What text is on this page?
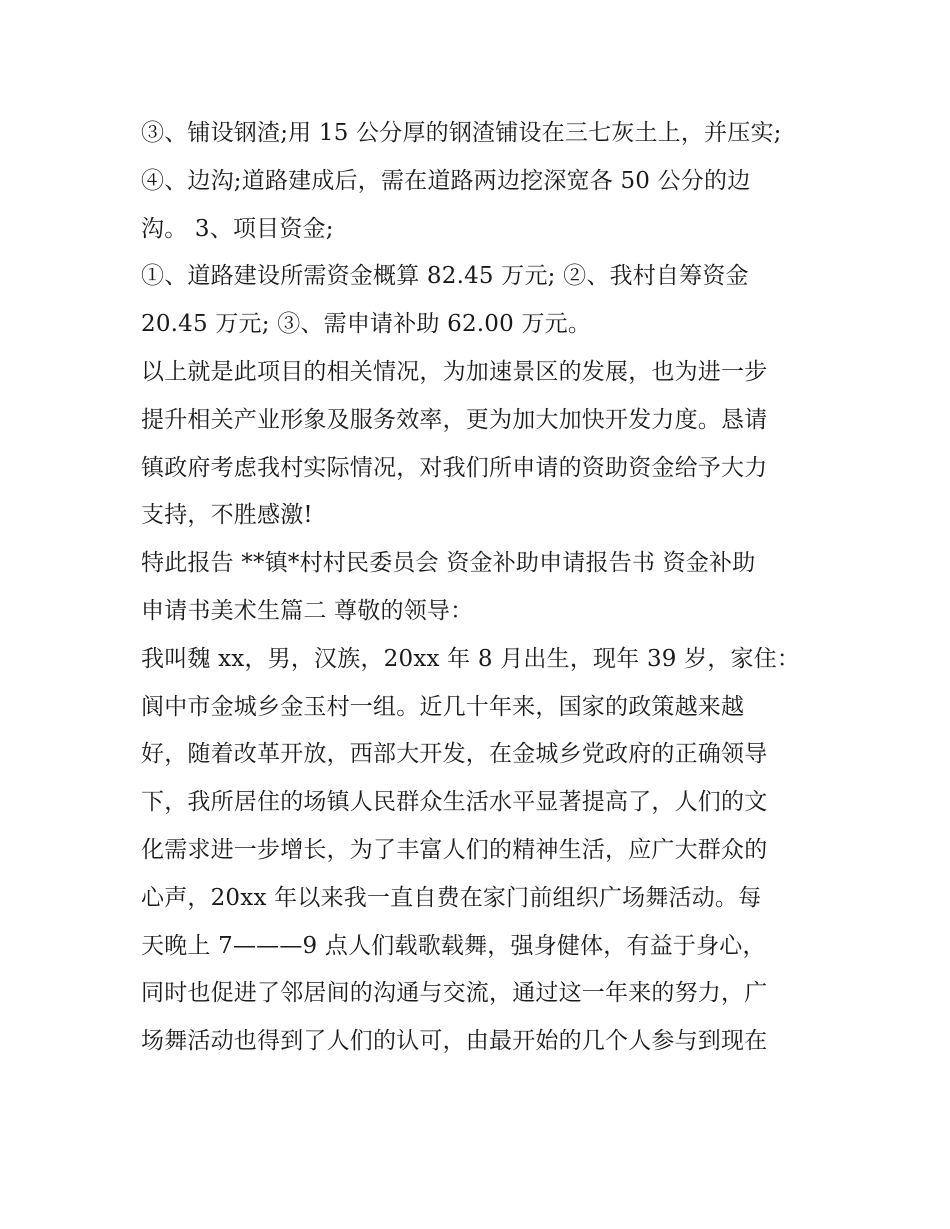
③、铺设钢渣;用 15 公分厚的钢渣铺设在三七灰土上，并压实;
④、边沟;道路建成后，需在道路两边挖深宽各 50 公分的边
沟。 3、项目资金;
①、道路建设所需资金概算 82.45 万元; ②、我村自筹资金
20.45 万元; ③、需申请补助 62.00 万元。
以上就是此项目的相关情况，为加速景区的发展，也为进一步
提升相关产业形象及服务效率，更为加大加快开发力度。恳请
镇政府考虑我村实际情况，对我们所申请的资助资金给予大力
支持，不胜感激!
特此报告 **镇*村村民委员会 资金补助申请报告书 资金补助
申请书美术生篇二 尊敬的领导：
我叫魏 xx，男，汉族，20xx 年 8 月出生，现年 39 岁，家住：
阆中市金城乡金玉村一组。近几十年来，国家的政策越来越
好，随着改革开放，西部大开发，在金城乡党政府的正确领导
下，我所居住的场镇人民群众生活水平显著提高了，人们的文
化需求进一步增长，为了丰富人们的精神生活，应广大群众的
心声，20xx 年以来我一直自费在家门前组织广场舞活动。每
天晚上 7———9 点人们载歌载舞，强身健体，有益于身心，
同时也促进了邻居间的沟通与交流，通过这一年来的努力，广
场舞活动也得到了人们的认可，由最开始的几个人参与到现在
